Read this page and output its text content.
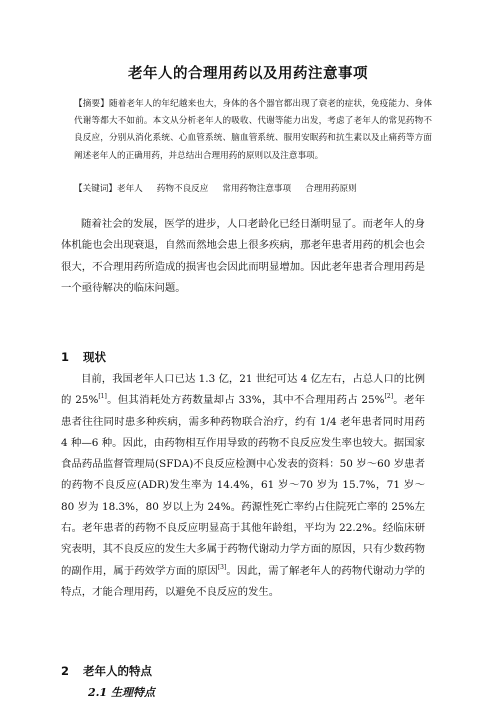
老年人的合理用药以及用药注意事项

【摘要】随着老年人的年纪越来也大，身体的各个器官都出现了衰老的症状，免疫能力、身体代谢等都大不如前。本文从分析老年人的吸收、代谢等能力出发，考虑了老年人的常见药物不良反应，分别从消化系统、心血管系统、脑血管系统、服用安眠药和抗生素以及止痛药等方面阐述老年人的正确用药，并总结出合理用药的原则以及注意事项。

【关键词】老年人 药物不良反应 常用药物注意事项 合理用药原则

随着社会的发展，医学的进步，人口老龄化已经日渐明显了。而老年人的身体机能也会出现衰退，自然而然地会患上很多疾病，那老年患者用药的机会也会很大，不合理用药所造成的损害也会因此而明显增加。因此老年患者合理用药是一个亟待解决的临床问题。

1 现状

目前，我国老年人口已达 1.3 亿，21 世纪可达 4 亿左右，占总人口的比例的 25%[1]。但其消耗处方药数量却占 33%，其中不合理用药占 25%[2]。老年患者往往同时患多种疾病，需多种药物联合治疗，约有 1/4 老年患者同时用药 4 种—6 种。因此，由药物相互作用导致的药物不良反应发生率也较大。据国家食品药品监督管理局(SFDA)不良反应检测中心发表的资料：50 岁～60 岁患者的药物不良反应(ADR)发生率为 14.4%，61 岁～70 岁为 15.7%，71 岁～80 岁为 18.3%，80 岁以上为 24%。药源性死亡率约占住院死亡率的 25%左右。老年患者的药物不良反应明显高于其他年龄组，平均为 22.2%。经临床研究表明，其不良反应的发生大多属于药物代谢动力学方面的原因，只有少数药物的副作用，属于药效学方面的原因[3]。因此，需了解老年人的药物代谢动力学的特点，才能合理用药，以避免不良反应的发生。

2 老年人的特点
2.1 生理特点
